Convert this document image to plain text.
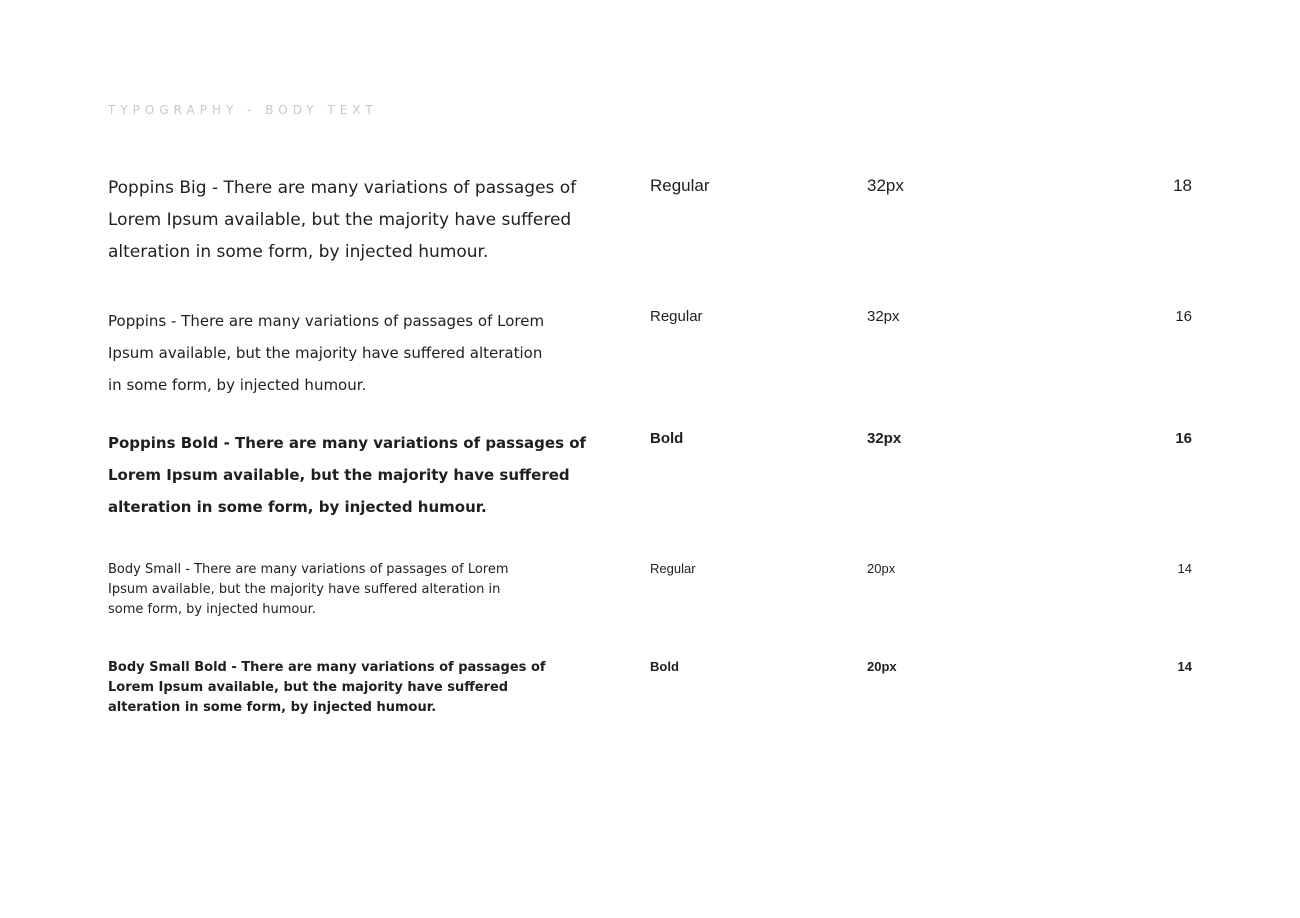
TYPOGRAPHY - BODY TEXT
Poppins Big - There are many variations of passages of Lorem Ipsum available, but the majority have suffered alteration in some form, by injected humour.
Regular	32px	18
Poppins - There are many variations of passages of Lorem Ipsum available, but the majority have suffered alteration in some form, by injected humour.
Regular	32px	16
Poppins Bold - There are many variations of passages of Lorem Ipsum available, but the majority have suffered alteration in some form, by injected humour.
Bold	32px	16
Body Small - There are many variations of passages of Lorem Ipsum available, but the majority have suffered alteration in some form, by injected humour.
Regular	20px	14
Body Small Bold - There are many variations of passages of Lorem Ipsum available, but the majority have suffered alteration in some form, by injected humour.
Bold	20px	14
